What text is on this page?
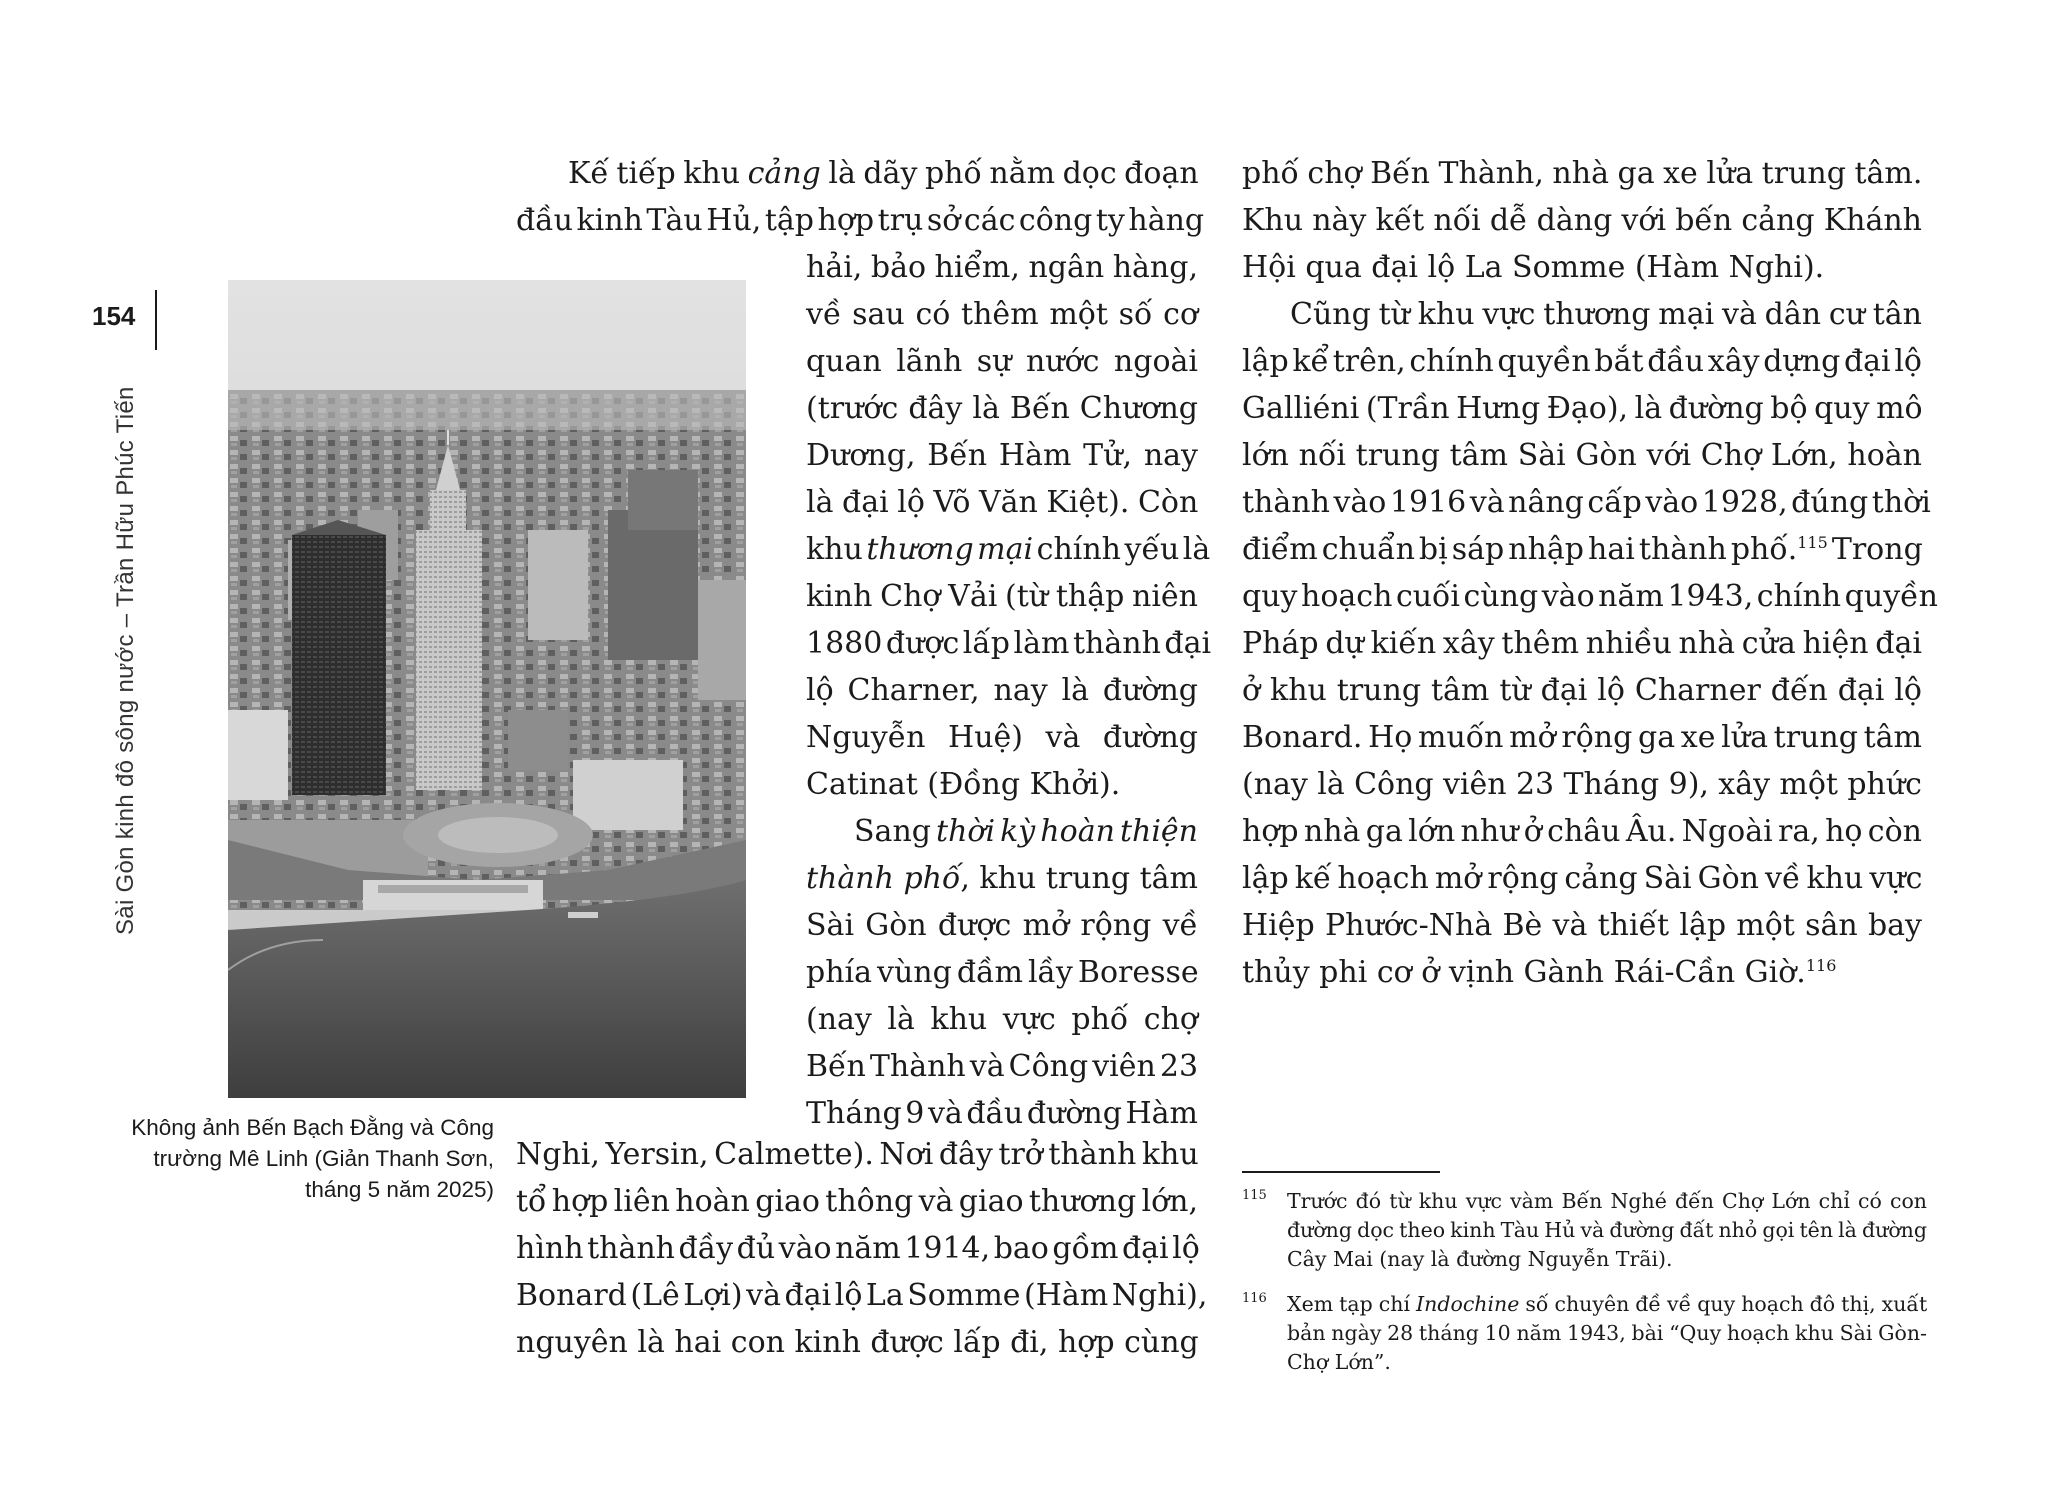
154
Sài Gòn kinh đô sông nước – Trần Hữu Phúc Tiến
Không ảnh Bến Bạch Đằng và Công
trường Mê Linh (Giản Thanh Sơn,
tháng 5 năm 2025)
Kế tiếp khu cảng là dãy phố nằm dọc đoạn
đầu kinh Tàu Hủ, tập hợp trụ sở các công ty hàng
hải, bảo hiểm, ngân hàng,
về sau có thêm một số cơ
quan lãnh sự nước ngoài
(trước đây là Bến Chương
Dương, Bến Hàm Tử, nay
là đại lộ Võ Văn Kiệt). Còn
khu thương mại chính yếu là
kinh Chợ Vải (từ thập niên
1880 được lấp làm thành đại
lộ Charner, nay là đường
Nguyễn Huệ) và đường
Catinat (Đồng Khởi).
Sang thời kỳ hoàn thiện
thành phố, khu trung tâm
Sài Gòn được mở rộng về
phía vùng đầm lầy Boresse
(nay là khu vực phố chợ
Bến Thành và Công viên 23
Tháng 9 và đầu đường Hàm
Nghi, Yersin, Calmette). Nơi đây trở thành khu
tổ hợp liên hoàn giao thông và giao thương lớn,
hình thành đầy đủ vào năm 1914, bao gồm đại lộ
Bonard (Lê Lợi) và đại lộ La Somme (Hàm Nghi),
nguyên là hai con kinh được lấp đi, hợp cùng
phố chợ Bến Thành, nhà ga xe lửa trung tâm.
Khu này kết nối dễ dàng với bến cảng Khánh
Hội qua đại lộ La Somme (Hàm Nghi).
Cũng từ khu vực thương mại và dân cư tân
lập kể trên, chính quyền bắt đầu xây dựng đại lộ
Galliéni (Trần Hưng Đạo), là đường bộ quy mô
lớn nối trung tâm Sài Gòn với Chợ Lớn, hoàn
thành vào 1916 và nâng cấp vào 1928, đúng thời
điểm chuẩn bị sáp nhập hai thành phố.$^{115}$ Trong
quy hoạch cuối cùng vào năm 1943, chính quyền
Pháp dự kiến xây thêm nhiều nhà cửa hiện đại
ở khu trung tâm từ đại lộ Charner đến đại lộ
Bonard. Họ muốn mở rộng ga xe lửa trung tâm
(nay là Công viên 23 Tháng 9), xây một phức
hợp nhà ga lớn như ở châu Âu. Ngoài ra, họ còn
lập kế hoạch mở rộng cảng Sài Gòn về khu vực
Hiệp Phước-Nhà Bè và thiết lập một sân bay
thủy phi cơ ở vịnh Gành Rái-Cần Giờ.$^{116}$
115 Trước đó từ khu vực vàm Bến Nghé đến Chợ Lớn chỉ có con
đường dọc theo kinh Tàu Hủ và đường đất nhỏ gọi tên là đường
Cây Mai (nay là đường Nguyễn Trãi).
116 Xem tạp chí Indochine số chuyên đề về quy hoạch đô thị, xuất
bản ngày 28 tháng 10 năm 1943, bài “Quy hoạch khu Sài Gòn-
Chợ Lớn”.
